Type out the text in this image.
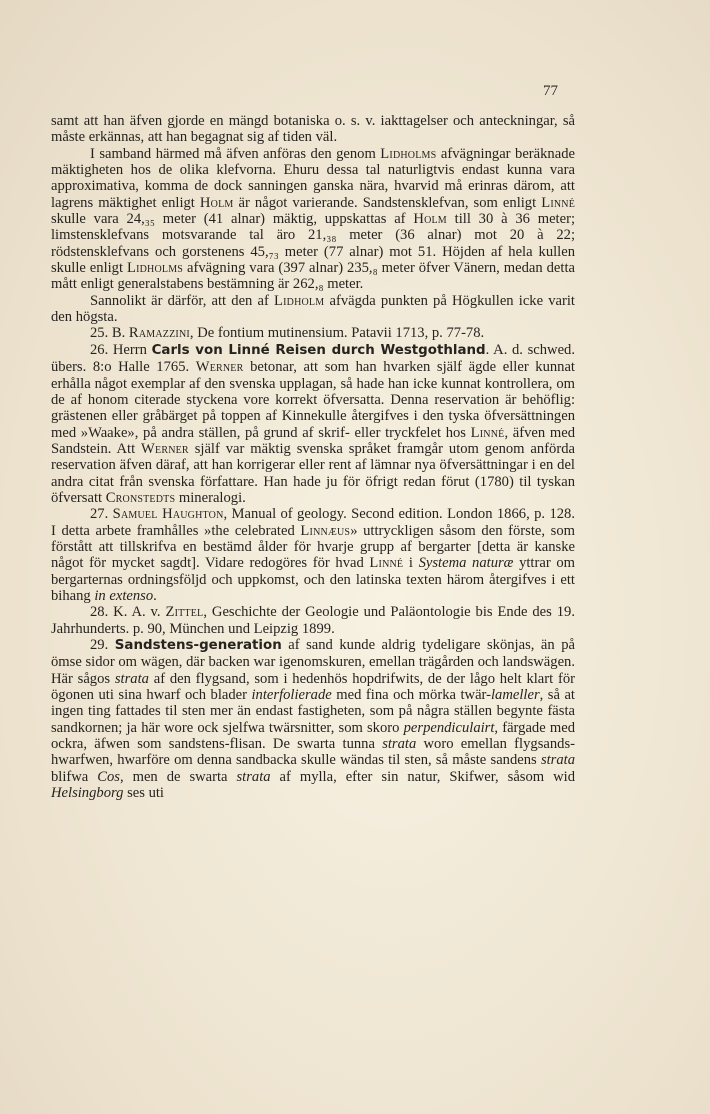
77

samt att han äfven gjorde en mängd botaniska o. s. v. iakttagelser och anteckningar, så måste erkännas, att han begagnat sig af tiden väl.

I samband härmed må äfven anföras den genom Lidholms afvägningar beräknade mäktigheten hos de olika klefvorna. Ehuru dessa tal naturligtvis endast kunna vara approximativa, komma de dock sanningen ganska nära, hvarvid må erinras därom, att lagrens mäktighet enligt Holm är något varierande. Sandstensklefvan, som enligt Linné skulle vara 24,₃₅ meter (41 alnar) mäktig, uppskattas af Holm till 30 à 36 meter; limstensklefvans motsvarande tal äro 21,₃₈ meter (36 alnar) mot 20 à 22; rödstensklefvans och gorstenens 45,₇₃ meter (77 alnar) mot 51. Höjden af hela kullen skulle enligt Lidholms afvägning vara (397 alnar) 235,₈ meter öfver Vänern, medan detta mått enligt generalstabens bestämning är 262,₈ meter.

Sannolikt är därför, att den af Lidholm afvägda punkten på Högkullen icke varit den högsta.

25. B. Ramazzini, De fontium mutinensium. Patavii 1713, p. 77-78.

26. Herrn Carls von Linné Reisen durch Westgothland. A. d. schwed. übers. 8:o Halle 1765. Werner betonar, att som han hvarken själf ägde eller kunnat erhålla något exemplar af den svenska upplagan, så hade han icke kunnat kontrollera, om de af honom citerade styckena vore korrekt öfversatta. Denna reservation är behöflig: grästenen eller gråbärget på toppen af Kinnekulle återgifves i den tyska öfversättningen med »Waake», på andra ställen, på grund af skrif- eller tryckfelet hos Linné, äfven med Sandstein. Att Werner själf var mäktig svenska språket framgår utom genom anförda reservation äfven däraf, att han korrigerar eller rent af lämnar nya öfversättningar i en del andra citat från svenska författare. Han hade ju för öfrigt redan förut (1780) til tyskan öfversatt Cronstedts mineralogi.

27. Samuel Haughton, Manual of geology. Second edition. London 1866, p. 128. I detta arbete framhålles »the celebrated Linnæus» uttryckligen såsom den förste, som förstått att tillskrifva en bestämd ålder för hvarje grupp af bergarter [detta är kanske något för mycket sagdt]. Vidare redogöres för hvad Linné i Systema naturæ yttrar om bergarternas ordningsföljd och uppkomst, och den latinska texten härom återgifves i ett bihang in extenso.

28. K. A. v. Zittel, Geschichte der Geologie und Paläontologie bis Ende des 19. Jahrhunderts. p. 90, München und Leipzig 1899.

29. Sandstens-generation af sand kunde aldrig tydeligare skönjas, än på ömse sidor om wägen, där backen war igenomskuren, emellan trägården och landswägen. Här sågos strata af den flygsand, som i hedenhös hopdrifwits, de der lågo helt klart för ögonen uti sina hwarf och blader interfolierade med fina och mörka twär-lameller, så at ingen ting fattades til sten mer än endast fastigheten, som på några ställen begynte fästa sandkornen; ja här wore ock sjelfwa twärsnitter, som skoro perpendiculairt, färgade med ockra, äfwen som sandstens-flisan. De swarta tunna strata woro emellan flygsands-hwarfwen, hwarföre om denna sandbacka skulle wändas til sten, så måste sandens strata blifwa Cos, men de swarta strata af mylla, efter sin natur, Skifwer, såsom wid Helsingborg ses uti
